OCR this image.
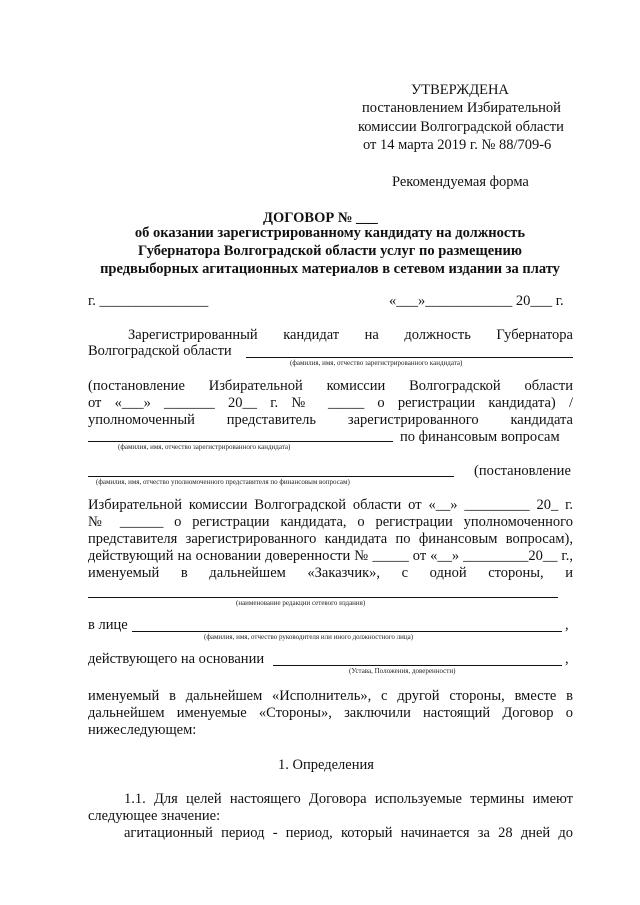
УТВЕРЖДЕНА
постановлением Избирательной
комиссии Волгоградской области
от 14 марта 2019 г. № 88/709-6
Рекомендуемая форма
ДОГОВОР № ___
об оказании зарегистрированному кандидату на должность
Губернатора Волгоградской области услуг по размещению
предвыборных агитационных материалов в сетевом издании за плату
г. _______________	«___»____________ 20___ г.
Зарегистрированный кандидат на должность Губернатора
Волгоградской области
(фамилия, имя, отчество зарегистрированного кандидата)
(постановление Избирательной комиссии Волгоградской области
от «___» _______ 20__ г. № _____ о регистрации кандидата) /
уполномоченный представитель зарегистрированного кандидата
по финансовым вопросам
(фамилия, имя, отчество зарегистрированного кандидата)
(постановление
(фамилия, имя, отчество уполномоченного представителя по финансовым вопросам)
Избирательной комиссии Волгоградской области от «__» _________ 20_ г.
№ ______ о регистрации кандидата, о регистрации уполномоченного
представителя зарегистрированного кандидата по финансовым вопросам),
действующий на основании доверенности № _____ от «__» _________20__ г.,
именуемый в дальнейшем «Заказчик», с одной стороны, и
(наименование редакции сетевого издания)
в лице	,
(фамилия, имя, отчество руководителя или иного должностного лица)
действующего на основании	,
(Устава, Положения, доверенности)
именуемый в дальнейшем «Исполнитель», с другой стороны, вместе в
дальнейшем именуемые «Стороны», заключили настоящий Договор о
нижеследующем:
1. Определения
1.1. Для целей настоящего Договора используемые термины имеют
следующее значение:
агитационный период - период, который начинается за 28 дней до
